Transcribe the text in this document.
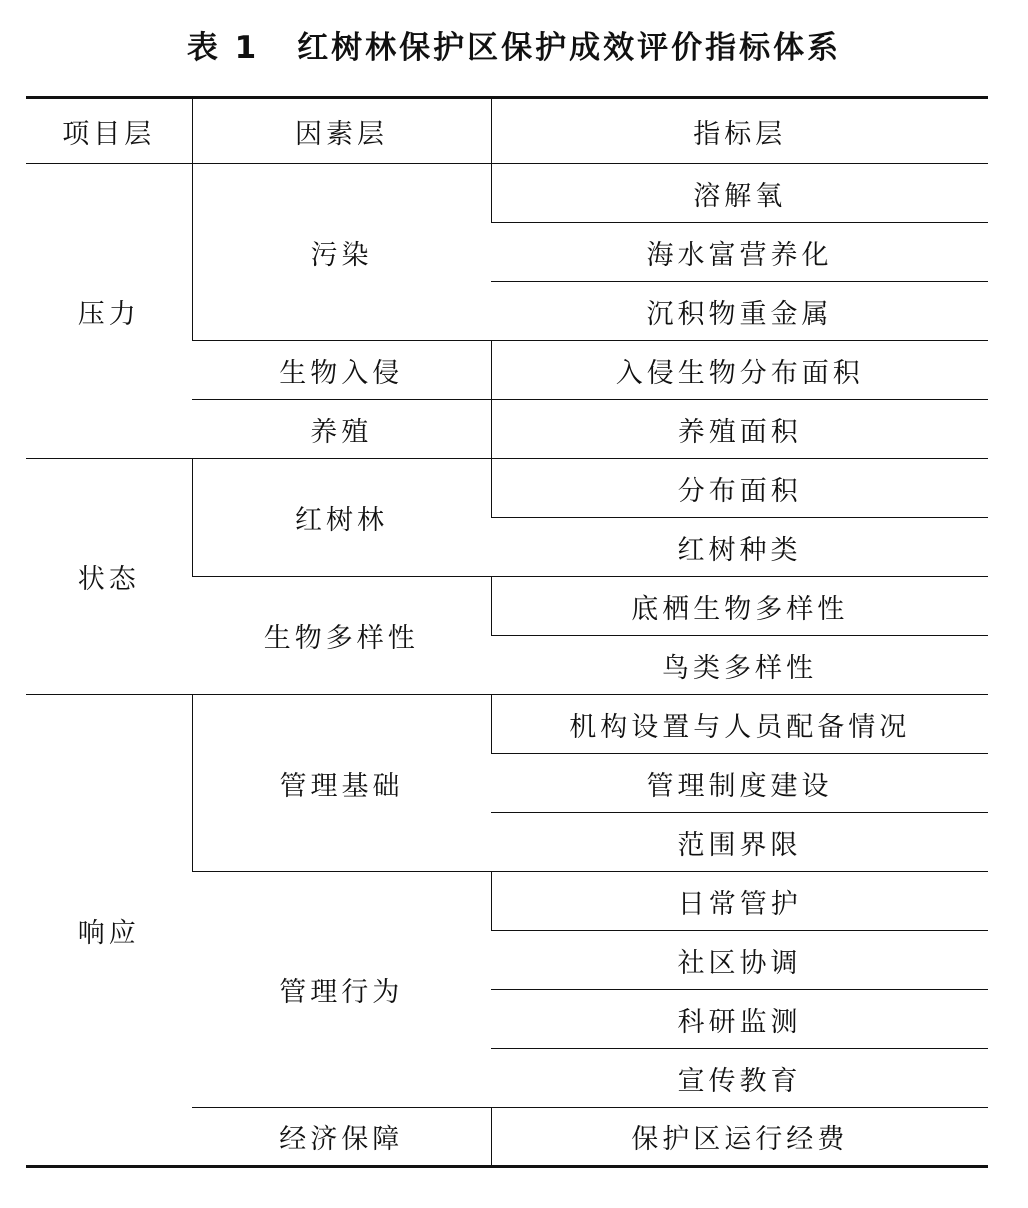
表 1 红树林保护区保护成效评价指标体系
项目层	因素层	指标层
压力	污染	溶解氧
		海水富营养化
		沉积物重金属
	生物入侵	入侵生物分布面积
	养殖	养殖面积
状态	红树林	分布面积
		红树种类
	生物多样性	底栖生物多样性
		鸟类多样性
响应	管理基础	机构设置与人员配备情况
		管理制度建设
		范围界限
	管理行为	日常管护
		社区协调
		科研监测
		宣传教育
	经济保障	保护区运行经费
